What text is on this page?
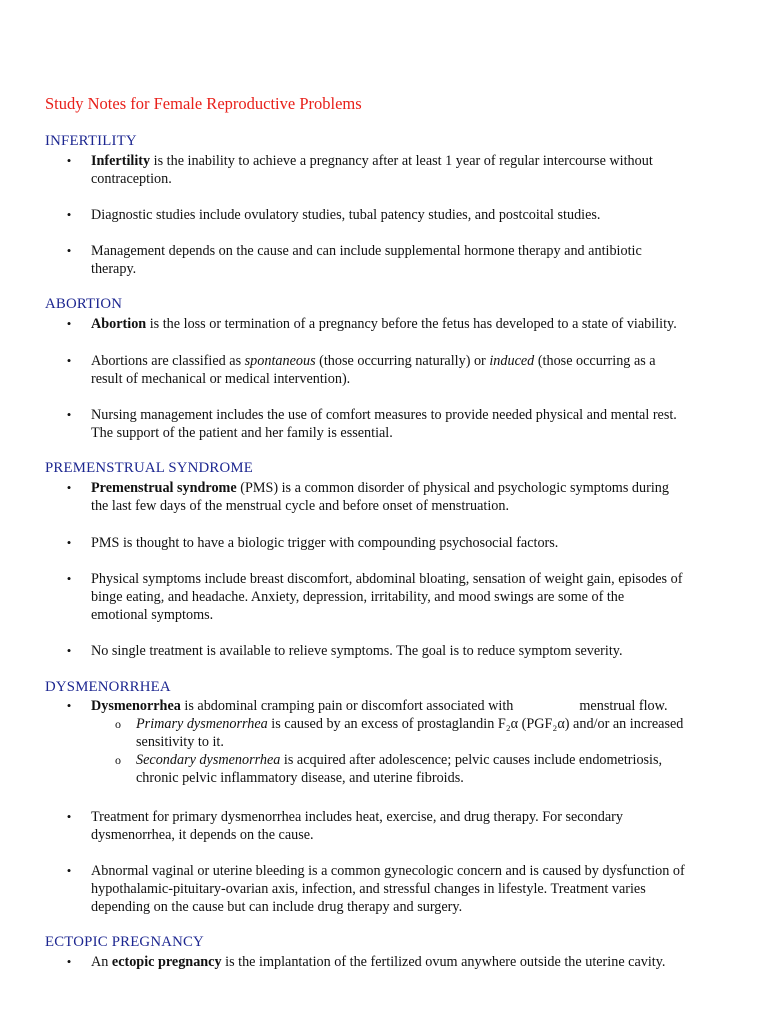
Study Notes for Female Reproductive Problems
INFERTILITY
• Infertility is the inability to achieve a pregnancy after at least 1 year of regular intercourse without
contraception.
• Diagnostic studies include ovulatory studies, tubal patency studies, and postcoital studies.
• Management depends on the cause and can include supplemental hormone therapy and antibiotic
therapy.
ABORTION
• Abortion is the loss or termination of a pregnancy before the fetus has developed to a state of viability.
• Abortions are classified as spontaneous (those occurring naturally) or induced (those occurring as a
result of mechanical or medical intervention).
• Nursing management includes the use of comfort measures to provide needed physical and mental rest.
The support of the patient and her family is essential.
PREMENSTRUAL SYNDROME
• Premenstrual syndrome (PMS) is a common disorder of physical and psychologic symptoms during
the last few days of the menstrual cycle and before onset of menstruation.
• PMS is thought to have a biologic trigger with compounding psychosocial factors.
• Physical symptoms include breast discomfort, abdominal bloating, sensation of weight gain, episodes of
binge eating, and headache. Anxiety, depression, irritability, and mood swings are some of the
emotional symptoms.
• No single treatment is available to relieve symptoms. The goal is to reduce symptom severity.
DYSMENORRHEA
• Dysmenorrhea is abdominal cramping pain or discomfort associated with	menstrual flow.
o Primary dysmenorrhea is caused by an excess of prostaglandin F₂α (PGF₂α) and/or an increased
sensitivity to it.
o Secondary dysmenorrhea is acquired after adolescence; pelvic causes include endometriosis,
chronic pelvic inflammatory disease, and uterine fibroids.
• Treatment for primary dysmenorrhea includes heat, exercise, and drug therapy. For secondary
dysmenorrhea, it depends on the cause.
• Abnormal vaginal or uterine bleeding is a common gynecologic concern and is caused by dysfunction of
hypothalamic-pituitary-ovarian axis, infection, and stressful changes in lifestyle. Treatment varies
depending on the cause but can include drug therapy and surgery.
ECTOPIC PREGNANCY
• An ectopic pregnancy is the implantation of the fertilized ovum anywhere outside the uterine cavity.
